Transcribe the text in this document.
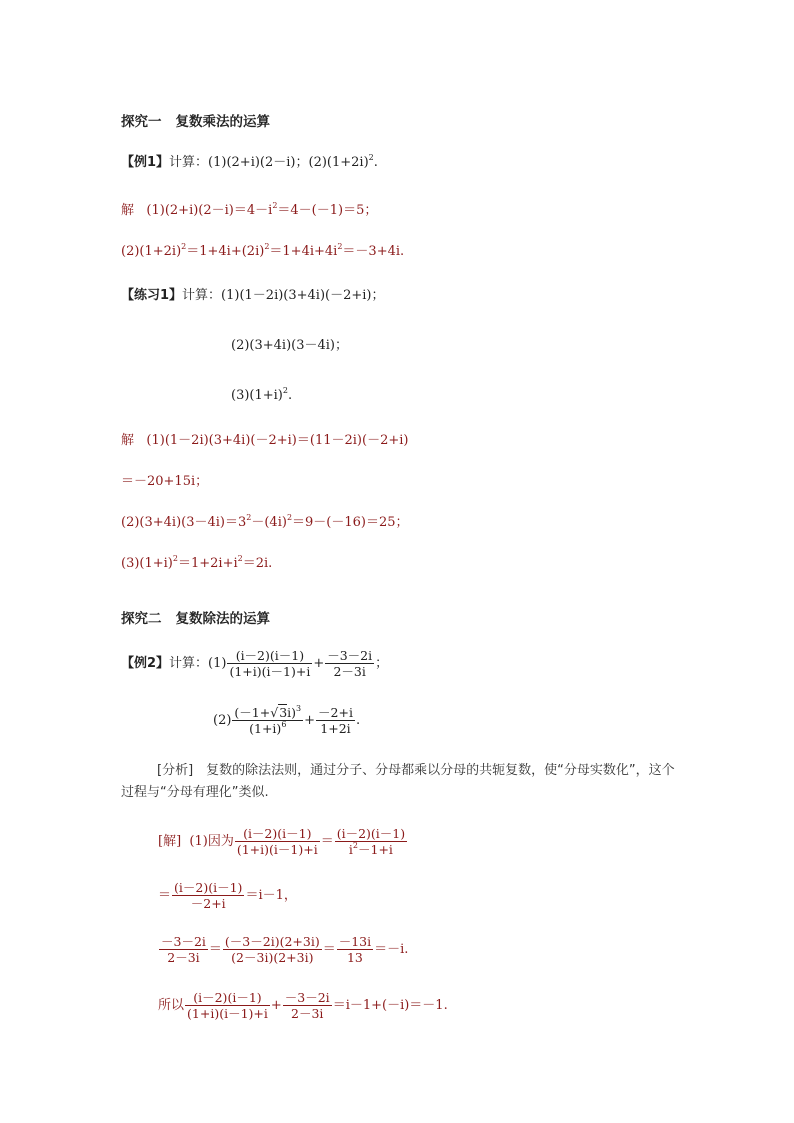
探究一 复数乘法的运算
【例1】计算：(1)(2+i)(2－i)；$(2)(1+2i)^2$.
解 $(1)(2+i)(2-i)=4-i^2=4-(-1)=5$；
$(2)(1+2i)^2=1+4i+(2i)^2=1+4i+4i^2=-3+4i$.
【练习1】计算：(1)(1－2i)(3+4i)(－2+i)；
(2)(3+4i)(3－4i)；
$(3)(1+i)^2$.
解 (1)(1－2i)(3+4i)(－2+i)＝(11－2i)(－2+i)
＝－20+15i；
$(2)(3+4i)(3-4i)=3^2-(4i)^2=9-(-16)=25$；
$(3)(1+i)^2=1+2i+i^2=2i$.
探究二 复数除法的运算
【例2】计算：$(1) \frac{(i-2)(i-1)}{(1+i)(i-1)+i} + \frac{-3-2i}{2-3i}$ ；
$(2) \frac{(-1+√3i)^3}{(1+i)^6} + \frac{-2+i}{1+2i}$ .
[分析]　复数的除法法则，通过分子、分母都乘以分母的共轭复数，使“分母实数化”，这个过程与“分母有理化”类似.
[解] (1)因为 $\frac{(i-2)(i-1)}{(1+i)(i-1)+i} = \frac{(i-2)(i-1)}{i^2-1+i}$
＝ $\frac{(i-2)(i-1)}{-2+i} =i-1$，
$\frac{-3-2i}{2-3i} = \frac{(-3-2i)(2+3i)}{(2-3i)(2+3i)} = \frac{-13i}{13} =-i$.
所以 $\frac{(i-2)(i-1)}{(1+i)(i-1)+i} + \frac{-3-2i}{2-3i} =i-1+(-i)=-1$.
